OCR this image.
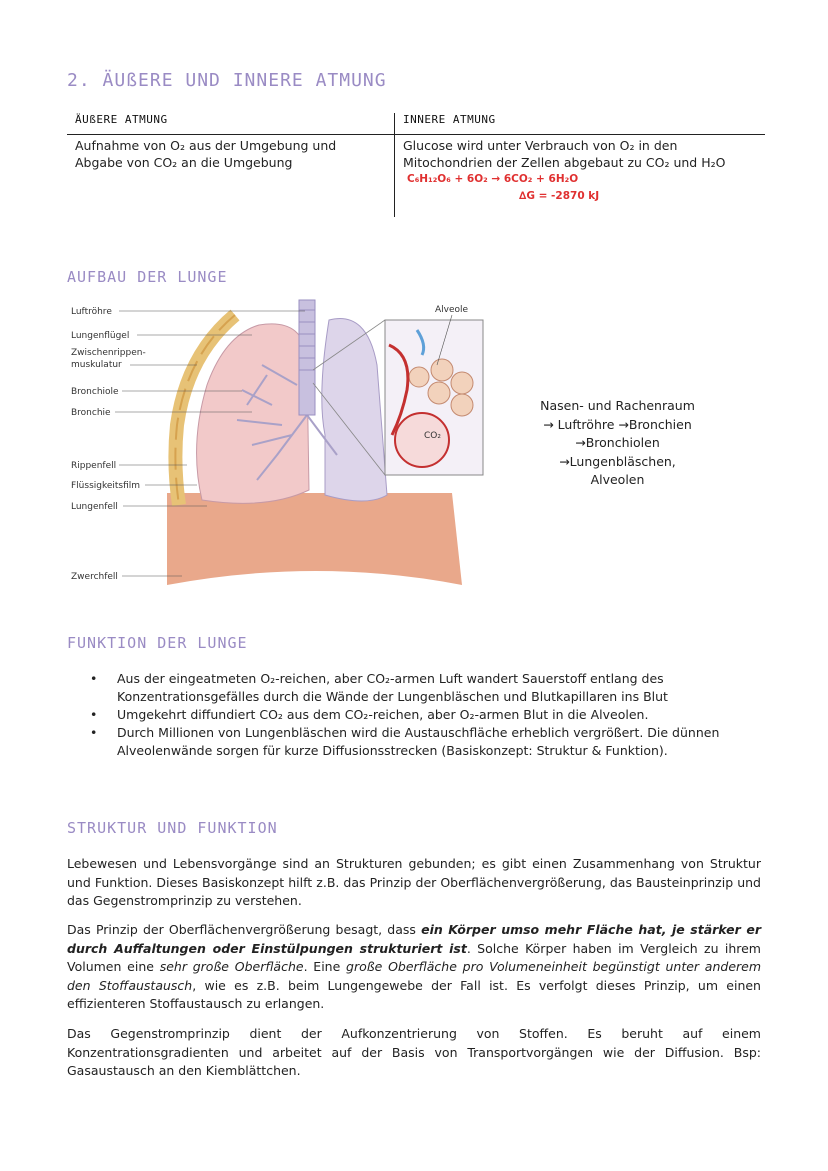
2. ÄUßERE UND INNERE ATMUNG
ÄUßERE ATMUNG	INNERE ATMUNG
Aufnahme von O₂ aus der Umgebung und
Abgabe von CO₂ an die Umgebung
Glucose wird unter Verbrauch von O₂ in den
Mitochondrien der Zellen abgebaut zu CO₂ und H₂O
C₆H₁₂O₆ + 6O₂ → 6CO₂ + 6H₂O
∆G = -2870 kJ
AUFBAU DER LUNGE
CO₂
Alveole
Luftröhre
Lungenflügel
Zwischenrippen-
muskulatur
Bronchiole
Bronchie
Rippenfell
Flüssigkeitsfilm
Lungenfell
Zwerchfell
Nasen- und Rachenraum
→ Luftröhre →Bronchien
→Bronchiolen
→Lungenbläschen,
Alveolen
FUNKTION DER LUNGE
• Aus der eingeatmeten O₂-reichen, aber CO₂-armen Luft wandert Sauerstoff entlang des Konzentrationsgefälles durch die Wände der Lungenbläschen und Blutkapillaren ins Blut
• Umgekehrt diffundiert CO₂ aus dem CO₂-reichen, aber O₂-armen Blut in die Alveolen.
• Durch Millionen von Lungenbläschen wird die Austauschfläche erheblich vergrößert. Die dünnen Alveolenwände sorgen für kurze Diffusionsstrecken (Basiskonzept: Struktur & Funktion).
STRUKTUR UND FUNKTION

Lebewesen und Lebensvorgänge sind an Strukturen gebunden; es gibt einen Zusammenhang von Struktur und Funktion. Dieses Basiskonzept hilft z.B. das Prinzip der Oberflächenvergrößerung, das Bausteinprinzip und das Gegenstromprinzip zu verstehen.

Das Prinzip der Oberflächenvergrößerung besagt, dass ein Körper umso mehr Fläche hat, je stärker er durch Auffaltungen oder Einstülpungen strukturiert ist. Solche Körper haben im Vergleich zu ihrem Volumen eine sehr große Oberfläche. Eine große Oberfläche pro Volumeneinheit begünstigt unter anderem den Stoffaustausch, wie es z.B. beim Lungengewebe der Fall ist. Es verfolgt dieses Prinzip, um einen effizienteren Stoffaustausch zu erlangen.

Das Gegenstromprinzip dient der Aufkonzentrierung von Stoffen. Es beruht auf einem Konzentrationsgradienten und arbeitet auf der Basis von Transportvorgängen wie der Diffusion. Bsp: Gasaustausch an den Kiemblättchen.
